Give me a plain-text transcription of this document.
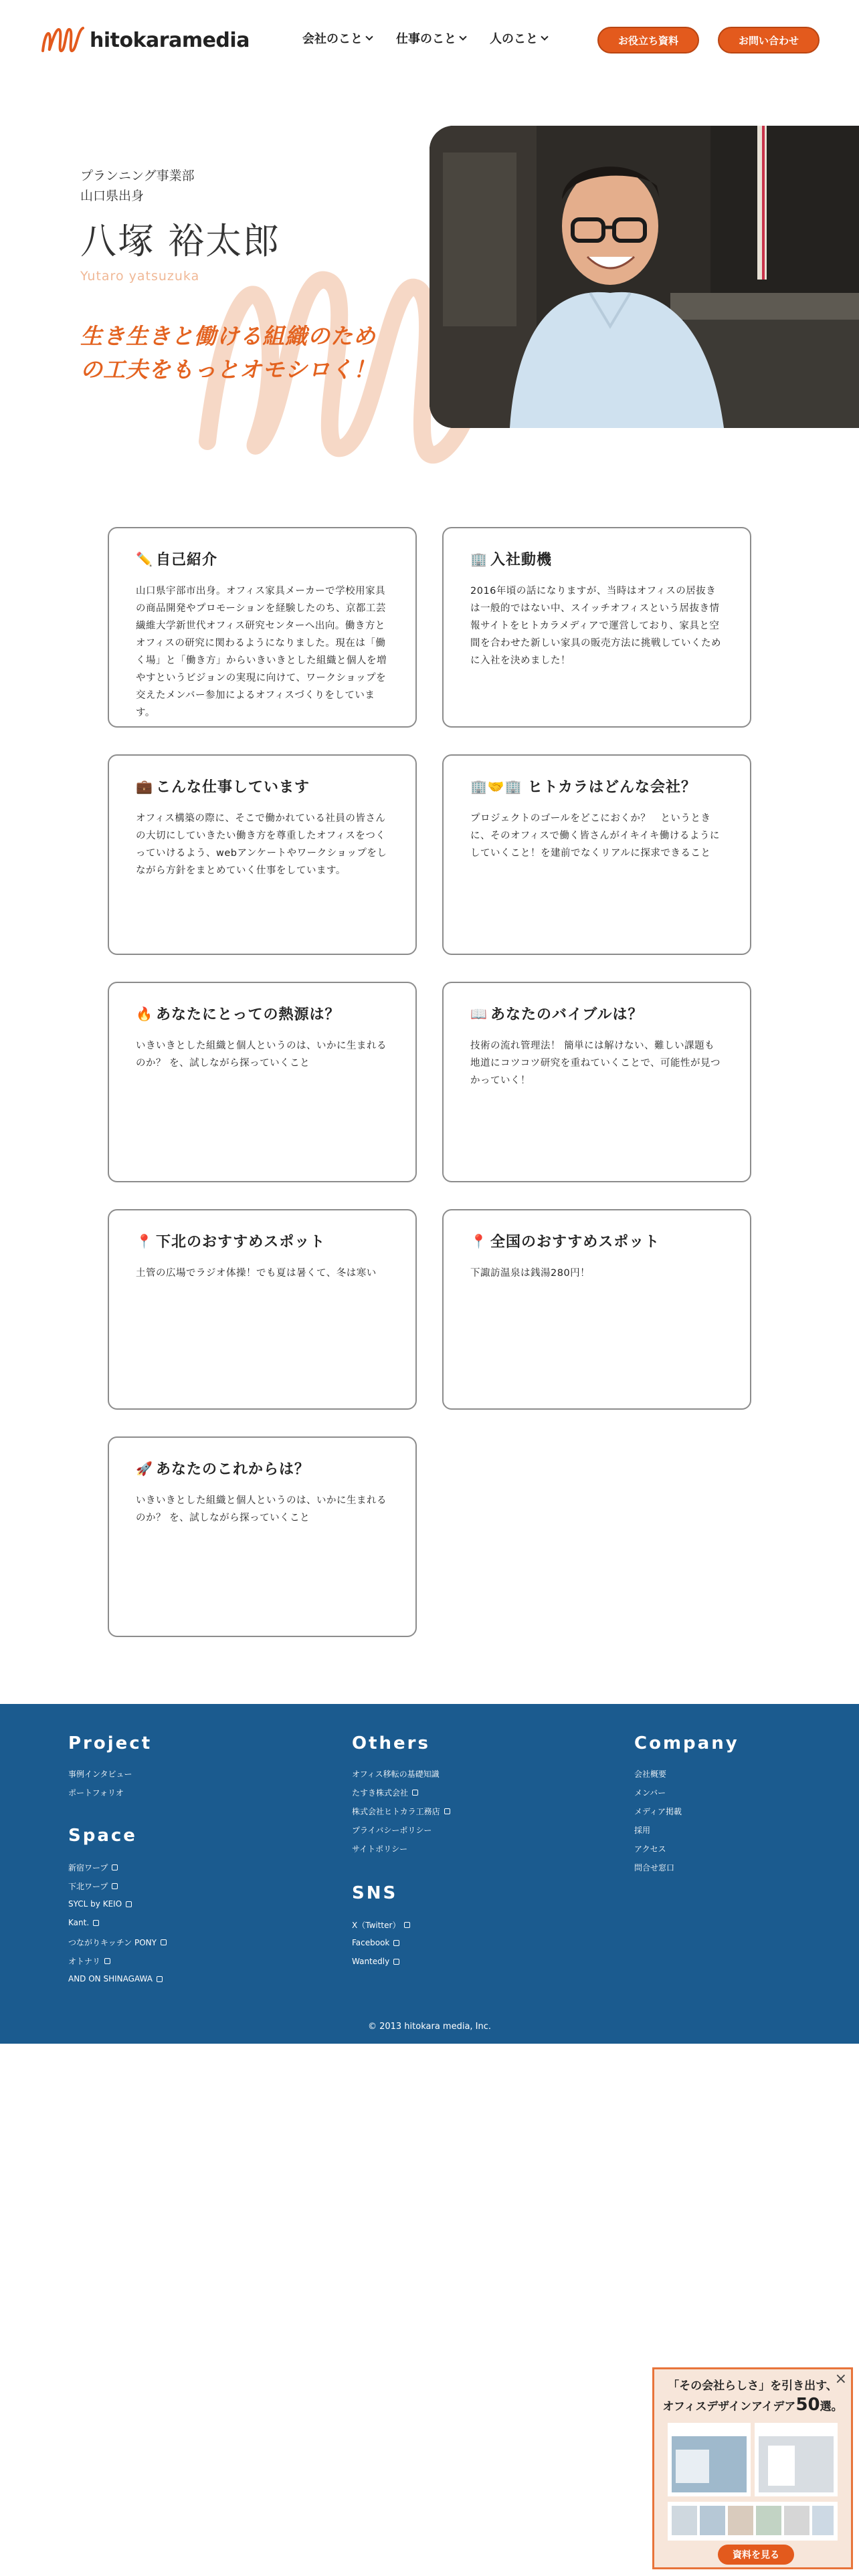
hitokaramedia	会社のこと	仕事のこと	人のこと	お役立ち資料	お問い合わせ
プランニング事業部
山口県出身
八塚 裕太郎
Yutaro yatsuzuka
生き生きと働ける組織のため
の工夫をもっとオモシロく！
✏️ 自己紹介
山口県宇部市出身。オフィス家具メーカーで学校用家具の商品開発やプロモーションを経験したのち、京都工芸繊維大学新世代オフィス研究センターへ出向。働き方とオフィスの研究に関わるようになりました。現在は「働く場」と「働き方」からいきいきとした組織と個人を増やすというビジョンの実現に向けて、ワークショップを交えたメンバー参加によるオフィスづくりをしています。
🏢 入社動機
2016年頃の話になりますが、当時はオフィスの居抜きは一般的ではない中、スイッチオフィスという居抜き情報サイトをヒトカラメディアで運営しており、家具と空間を合わせた新しい家具の販売方法に挑戦していくために入社を決めました！
💼 こんな仕事しています
オフィス構築の際に、そこで働かれている社員の皆さんの大切にしていきたい働き方を尊重したオフィスをつくっていけるよう、webアンケートやワークショップをしながら方針をまとめていく仕事をしています。
🏢🤝🏢 ヒトカラはどんな会社？
プロジェクトのゴールをどこにおくか？　というときに、そのオフィスで働く皆さんがイキイキ働けるようにしていくこと！を建前でなくリアルに探求できること
🔥 あなたにとっての熱源は？
いきいきとした組織と個人というのは、いかに生まれるのか？ を、試しながら探っていくこと
📖 あなたのバイブルは？
技術の流れ管理法！ 簡単には解けない、難しい課題も地道にコツコツ研究を重ねていくことで、可能性が見つかっていく！
📍 下北のおすすめスポット
土管の広場でラジオ体操！でも夏は暑くて、冬は寒い
📍 全国のおすすめスポット
下諏訪温泉は銭湯280円！
🚀 あなたのこれからは？
いきいきとした組織と個人というのは、いかに生まれるのか？ を、試しながら探っていくこと
Project
事例インタビュー
ポートフォリオ
Space
新宿ワープ
下北ワープ
SYCL by KEIO
Kant.
つながりキッチン PONY
オトナリ
AND ON SHINAGAWA
Others
オフィス移転の基礎知識
たすき株式会社
株式会社ヒトカラ工務店
プライバシーポリシー
サイトポリシー
SNS
X（Twitter）
Facebook
Wantedly
Company
会社概要
メンバー
メディア掲載
採用
アクセス
問合せ窓口
© 2013 hitokara media, Inc.
×
「その会社らしさ」を引き出す、
オフィスデザインアイデア50選。
資料を見る
